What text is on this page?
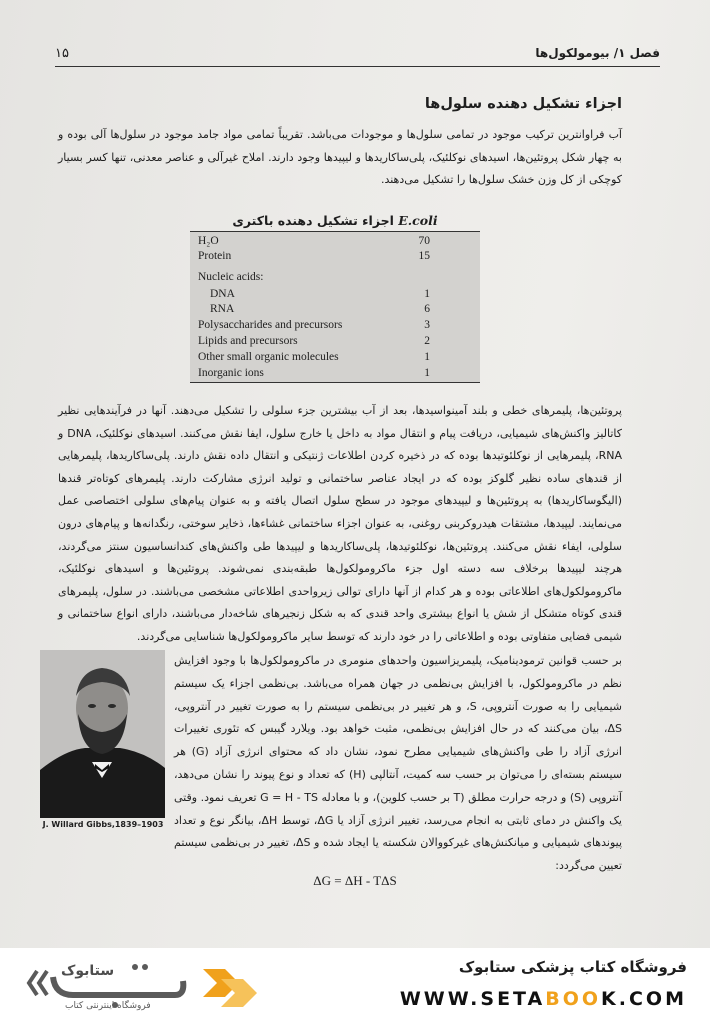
۱۵	فصل ۱/ بیومولکول‌ها
اجزاء تشکیل دهنده سلول‌ها

آب فراوانترین ترکیب موجود در تمامی سلول‌ها و موجودات می‌باشد. تقریباً تمامی مواد جامد موجود در سلول‌ها آلی بوده و به چهار شکل پروتئین‌ها، اسیدهای نوکلئیک، پلی‌ساکاریدها و لیپیدها وجود دارند. املاح غیرآلی و عناصر معدنی، تنها کسر بسیار کوچکی از کل وزن خشک سلول‌ها را تشکیل می‌دهند.

اجزاء تشکیل دهنده باکتری E.coli
H₂O	70
Protein	15
Nucleic acids:
DNA	1
RNA	6
Polysaccharides and precursors	3
Lipids and precursors	2
Other small organic molecules	1
Inorganic ions	1

پروتئین‌ها، پلیمرهای خطی و بلند آمینواسیدها، بعد از آب بیشترین جزء سلولی را تشکیل می‌دهند. آنها در فرآیندهایی نظیر کاتالیز واکنش‌های شیمیایی، دریافت پیام و انتقال مواد به داخل یا خارج سلول، ایفا نقش می‌کنند. اسیدهای نوکلئیک، DNA و RNA، پلیمرهایی از نوکلئوتیدها بوده که در ذخیره کردن اطلاعات ژنتیکی و انتقال داده نقش دارند. پلی‌ساکاریدها، پلیمرهایی از قندهای ساده نظیر گلوکز بوده که در ایجاد عناصر ساختمانی و تولید انرژی مشارکت دارند. پلیمرهای کوتاه‌تر قندها (الیگوساکاریدها) به پروتئین‌ها و لیپیدهای موجود در سطح سلول اتصال یافته و به عنوان پیام‌های سلولی اختصاصی عمل می‌نمایند. لیپیدها، مشتقات هیدروکربنی روغنی، به عنوان اجزاء ساختمانی غشاءها، ذخایر سوختی، رنگدانه‌ها و پیام‌های درون سلولی، ایفاء نقش می‌کنند. پروتئین‌ها، نوکلئوتیدها، پلی‌ساکاریدها و لیپیدها طی واکنش‌های کندانساسیون سنتز می‌گردند، هرچند لیپیدها برخلاف سه دسته اول جزء ماکرومولکول‌ها طبقه‌بندی نمی‌شوند. پروتئین‌ها و اسیدهای نوکلئیک، ماکرومولکول‌های اطلاعاتی بوده و هر کدام از آنها دارای توالی زیرواحدی اطلاعاتی مشخصی می‌باشند. در سلول، پلیمرهای قندی کوتاه متشکل از شش یا انواع بیشتری واحد قندی که به شکل زنجیرهای شاخه‌دار می‌باشند، دارای انواع ساختمانی و شیمی فضایی متفاوتی بوده و اطلاعاتی را در خود دارند که توسط سایر ماکرومولکول‌ها شناسایی می‌گردند.

J. Willard Gibbs,1839–1903

بر حسب قوانین ترمودینامیک، پلیمریزاسیون واحدهای منومری در ماکرومولکول‌ها با وجود افزایش نظم در ماکرومولکول، با افزایش بی‌نظمی در جهان همراه می‌باشد. بی‌نظمی اجزاء یک سیستم شیمیایی را به صورت آنتروپی، S، و هر تغییر در بی‌نظمی سیستم را به صورت تغییر در آنتروپی، ΔS، بیان می‌کنند که در حال افزایش بی‌نظمی، مثبت خواهد بود. ویلارد گیبس که تئوری تغییرات انرژی آزاد را طی واکنش‌های شیمیایی مطرح نمود، نشان داد که محتوای انرژی آزاد (G) هر سیستم بسته‌ای را می‌توان بر حسب سه کمیت، آنتالپی (H) که تعداد و نوع پیوند را نشان می‌دهد، آنتروپی (S) و درجه حرارت مطلق (T بر حسب کلوین)، و با معادله G = H - TS تعریف نمود. وقتی یک واکنش در دمای ثابتی به انجام می‌رسد، تغییر انرژی آزاد یا ΔG، توسط ΔH، بیانگر نوع و تعداد پیوندهای شیمیایی و میانکنش‌های غیرکووالان شکسته یا ایجاد شده و ΔS، تغییر در بی‌نظمی سیستم تعیین می‌گردد:

ΔG = ΔH - TΔS
ستابوک
فروشگاه اینترنتی کتاب
فروشگاه کتاب پزشکی ستابوک
WWW.SETABOOK.COM
